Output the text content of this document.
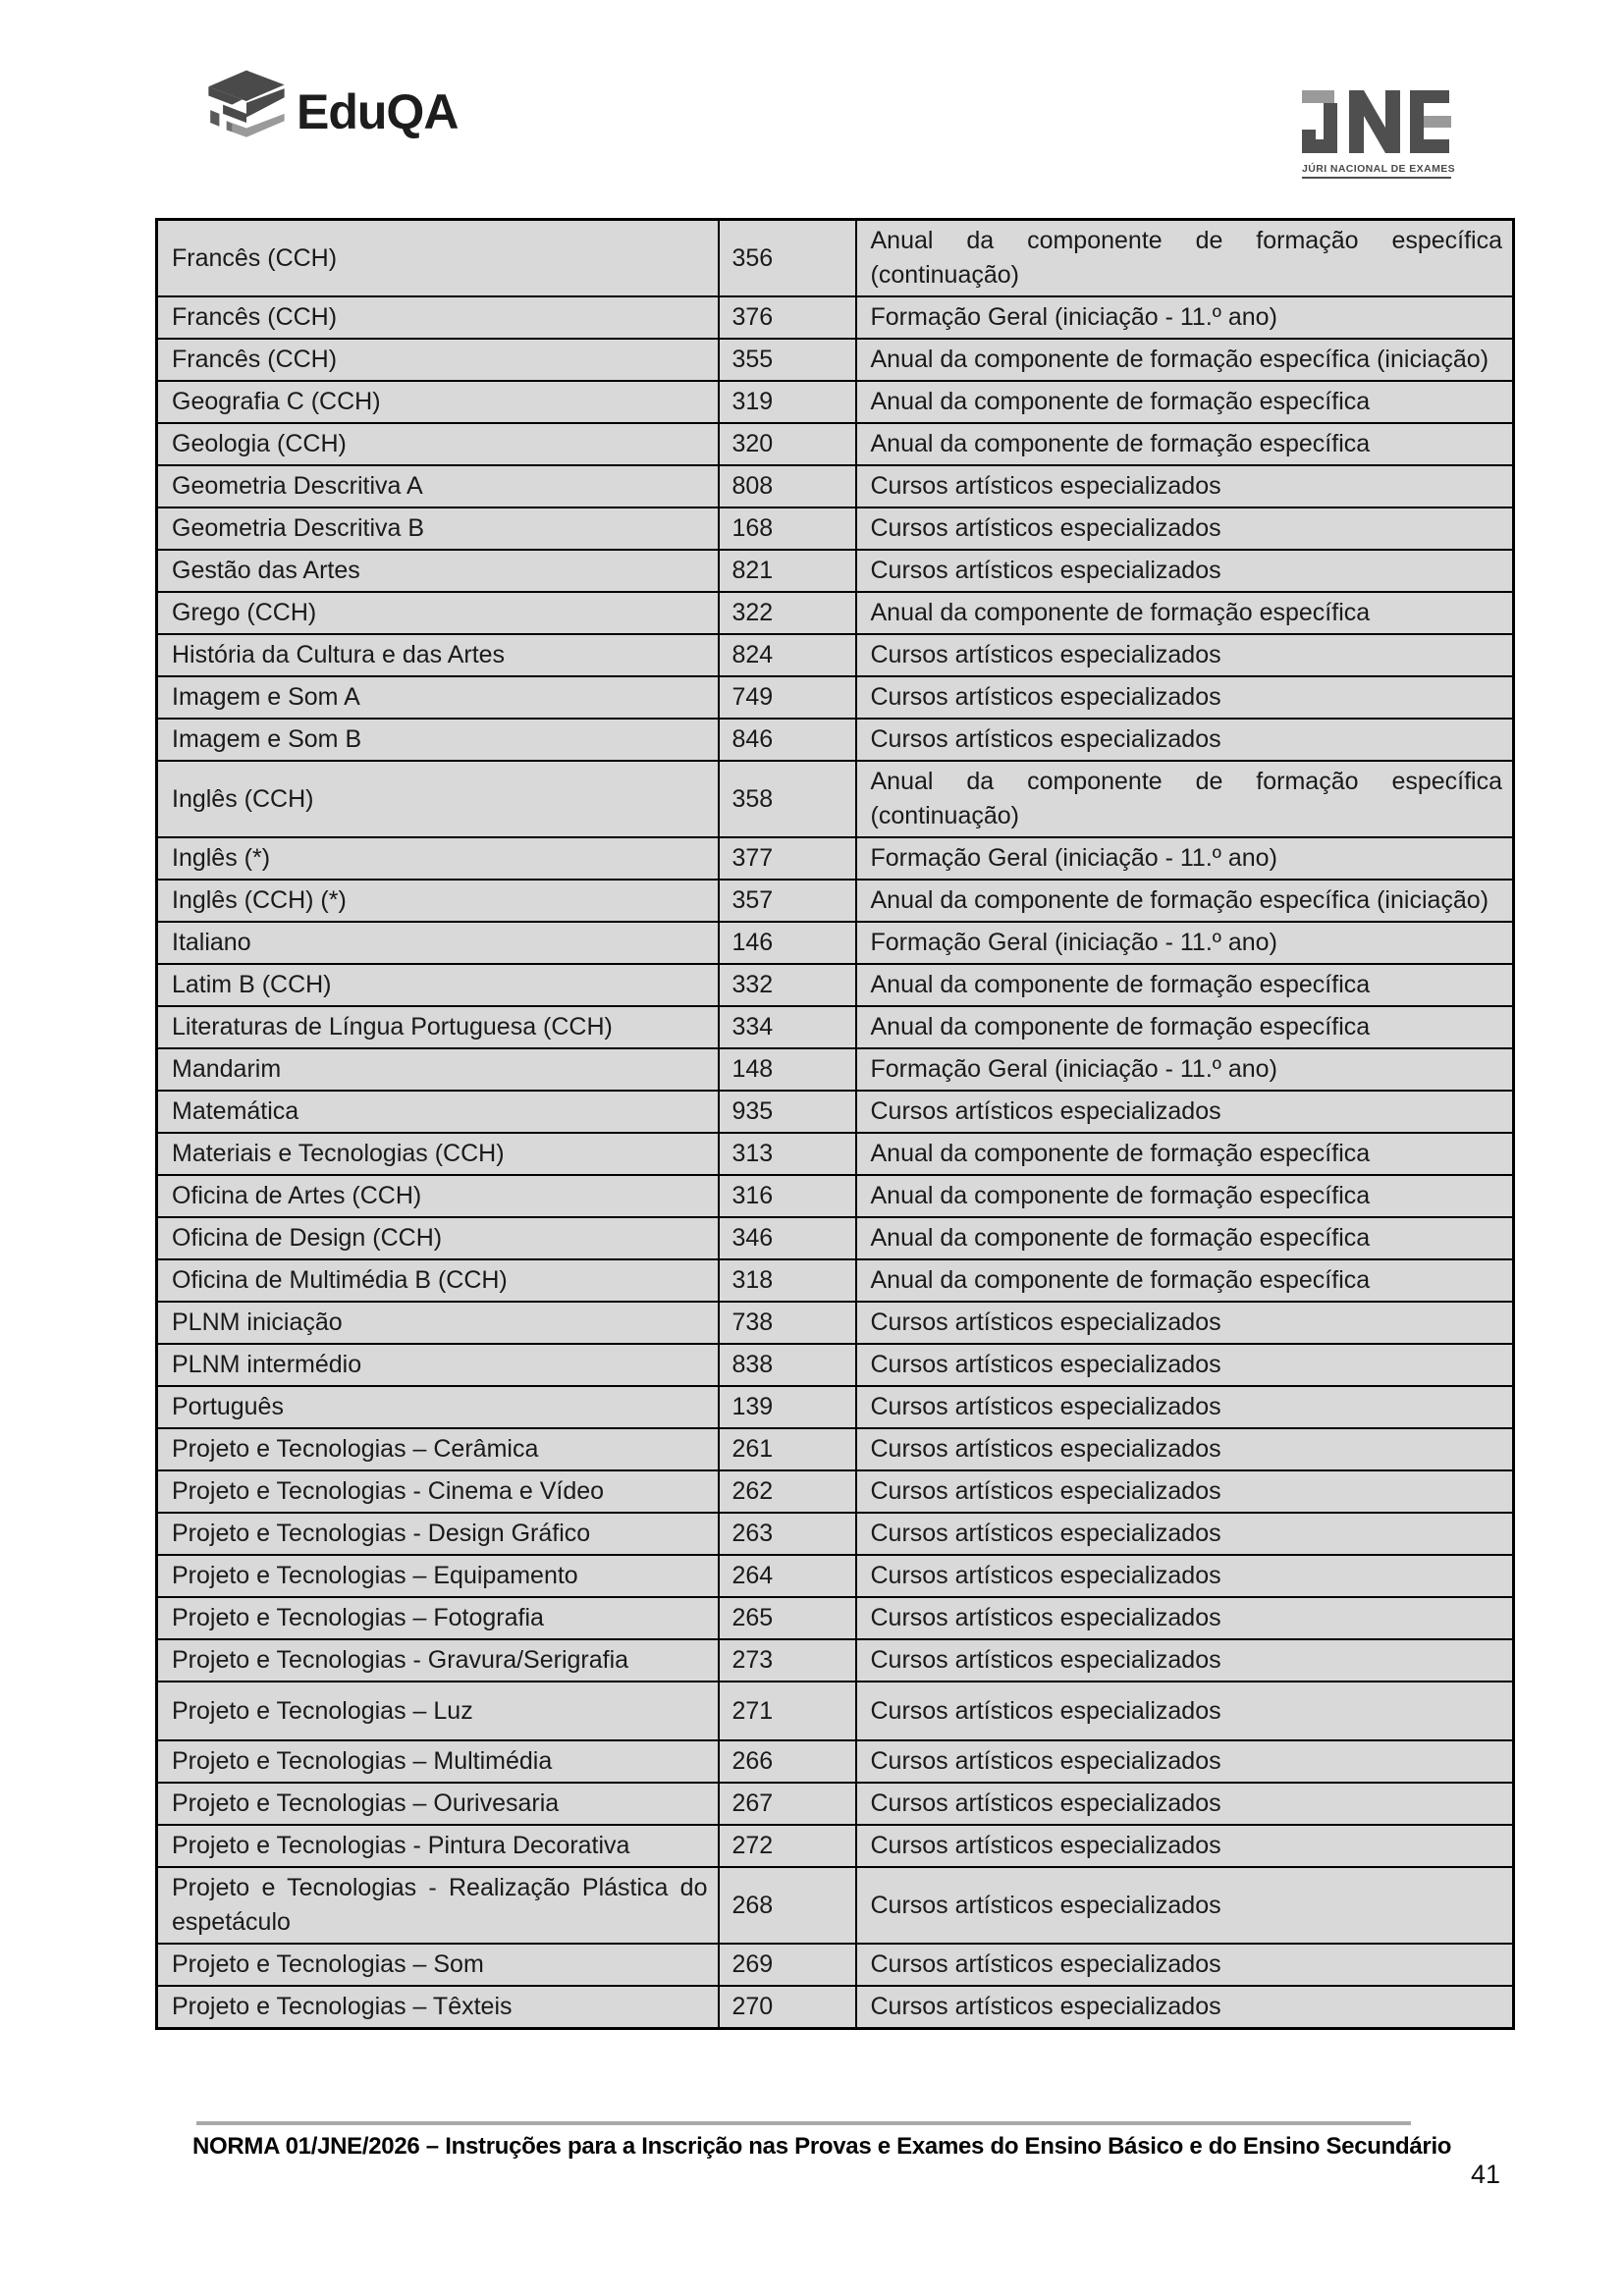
EduQA
JÚRI NACIONAL DE EXAMES
Francês (CCH)	356	Anual da componente de formação específica (continuação)
Francês (CCH)	376	Formação Geral (iniciação - 11.º ano)
Francês (CCH)	355	Anual da componente de formação específica (iniciação)
Geografia C (CCH)	319	Anual da componente de formação específica
Geologia (CCH)	320	Anual da componente de formação específica
Geometria Descritiva A	808	Cursos artísticos especializados
Geometria Descritiva B	168	Cursos artísticos especializados
Gestão das Artes	821	Cursos artísticos especializados
Grego (CCH)	322	Anual da componente de formação específica
História da Cultura e das Artes	824	Cursos artísticos especializados
Imagem e Som A	749	Cursos artísticos especializados
Imagem e Som B	846	Cursos artísticos especializados
Inglês (CCH)	358	Anual da componente de formação específica (continuação)
Inglês (*)	377	Formação Geral (iniciação - 11.º ano)
Inglês (CCH) (*)	357	Anual da componente de formação específica (iniciação)
Italiano	146	Formação Geral (iniciação - 11.º ano)
Latim B (CCH)	332	Anual da componente de formação específica
Literaturas de Língua Portuguesa (CCH)	334	Anual da componente de formação específica
Mandarim	148	Formação Geral (iniciação - 11.º ano)
Matemática	935	Cursos artísticos especializados
Materiais e Tecnologias (CCH)	313	Anual da componente de formação específica
Oficina de Artes (CCH)	316	Anual da componente de formação específica
Oficina de Design (CCH)	346	Anual da componente de formação específica
Oficina de Multimédia B (CCH)	318	Anual da componente de formação específica
PLNM iniciação	738	Cursos artísticos especializados
PLNM intermédio	838	Cursos artísticos especializados
Português	139	Cursos artísticos especializados
Projeto e Tecnologias – Cerâmica	261	Cursos artísticos especializados
Projeto e Tecnologias - Cinema e Vídeo	262	Cursos artísticos especializados
Projeto e Tecnologias - Design Gráfico	263	Cursos artísticos especializados
Projeto e Tecnologias – Equipamento	264	Cursos artísticos especializados
Projeto e Tecnologias – Fotografia	265	Cursos artísticos especializados
Projeto e Tecnologias - Gravura/Serigrafia	273	Cursos artísticos especializados
Projeto e Tecnologias – Luz	271	Cursos artísticos especializados
Projeto e Tecnologias – Multimédia	266	Cursos artísticos especializados
Projeto e Tecnologias – Ourivesaria	267	Cursos artísticos especializados
Projeto e Tecnologias - Pintura Decorativa	272	Cursos artísticos especializados
Projeto e Tecnologias - Realização Plástica do espetáculo	268	Cursos artísticos especializados
Projeto e Tecnologias – Som	269	Cursos artísticos especializados
Projeto e Tecnologias – Têxteis	270	Cursos artísticos especializados
NORMA 01/JNE/2026 – Instruções para a Inscrição nas Provas e Exames do Ensino Básico e do Ensino Secundário
41
